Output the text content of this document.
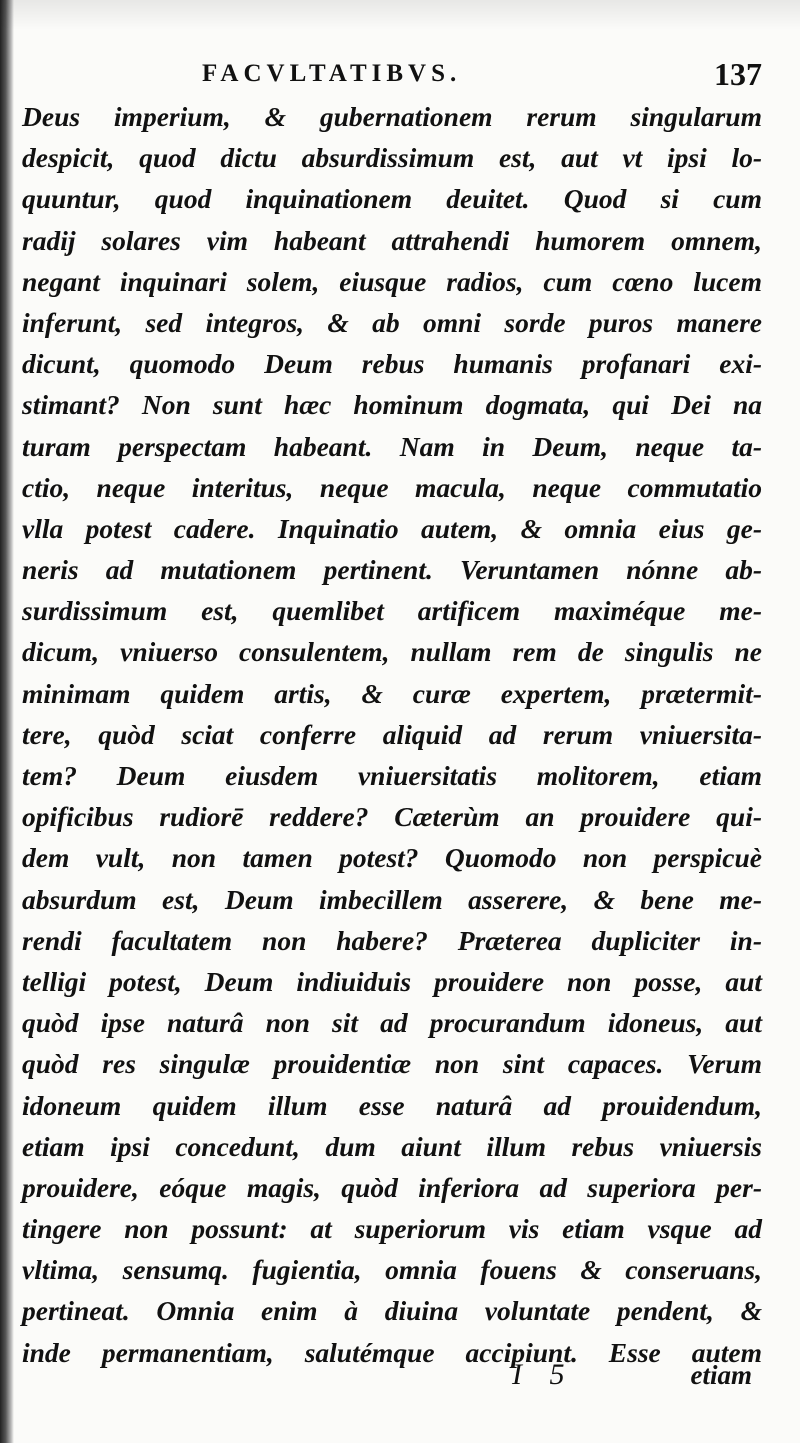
FACVLTATIBVS.	137
Deus imperium, & gubernationem rerum singularum
despicit, quod dictu absurdissimum est, aut vt ipsi lo-
quuntur, quod inquinationem deuitet. Quod si cum
radij solares vim habeant attrahendi humorem omnem,
negant inquinari solem, eiusque radios, cum cœno lucem
inferunt, sed integros, & ab omni sorde puros manere
dicunt, quomodo Deum rebus humanis profanari exi-
stimant? Non sunt hæc hominum dogmata, qui Dei na
turam perspectam habeant. Nam in Deum, neque ta-
ctio, neque interitus, neque macula, neque commutatio
vlla potest cadere. Inquinatio autem, & omnia eius ge-
neris ad mutationem pertinent. Veruntamen nónne ab-
surdissimum est, quemlibet artificem maximéque me-
dicum, vniuerso consulentem, nullam rem de singulis ne
minimam quidem artis, & curæ expertem, prætermit-
tere, quòd sciat conferre aliquid ad rerum vniuersita-
tem? Deum eiusdem vniuersitatis molitorem, etiam
opificibus rudiorē reddere? Cæterùm an prouidere qui-
dem vult, non tamen potest? Quomodo non perspicuè
absurdum est, Deum imbecillem asserere, & bene me-
rendi facultatem non habere? Præterea dupliciter in-
telligi potest, Deum indiuiduis prouidere non posse, aut
quòd ipse naturâ non sit ad procurandum idoneus, aut
quòd res singulæ prouidentiæ non sint capaces. Verum
idoneum quidem illum esse naturâ ad prouidendum,
etiam ipsi concedunt, dum aiunt illum rebus vniuersis
prouidere, eóque magis, quòd inferiora ad superiora per-
tingere non possunt: at superiorum vis etiam vsque ad
vltima, sensumq. fugientia, omnia fouens & conseruans,
pertineat. Omnia enim à diuina voluntate pendent, &
inde permanentiam, salutémque accipiunt. Esse autem
I 5	etiam
